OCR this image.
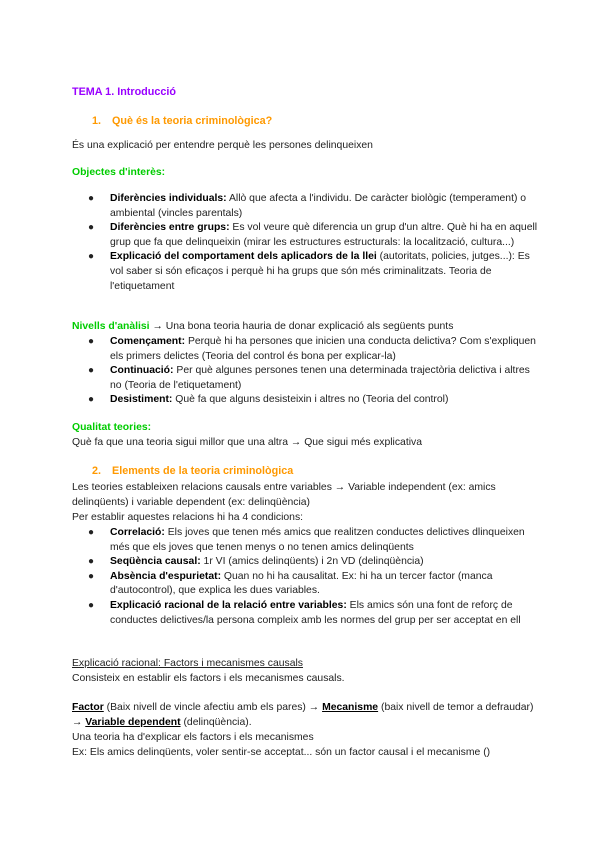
TEMA 1. Introducció
1. Què és la teoria criminològica?
És una explicació per entendre perquè les persones delinqueixen
Objectes d'interès:
● Diferències individuals: Allò que afecta a l'individu. De caràcter biològic (temperament) o ambiental (vincles parentals)
● Diferències entre grups: Es vol veure què diferencia un grup d'un altre. Què hi ha en aquell grup que fa que delinqueixin (mirar les estructures estructurals: la localització, cultura...)
● Explicació del comportament dels aplicadors de la llei (autoritats, policies, jutges...): Es vol saber si són eficaços i perquè hi ha grups que són més criminalitzats. Teoria de l'etiquetament
Nivells d'anàlisi → Una bona teoria hauria de donar explicació als següents punts
● Començament: Perquè hi ha persones que inicien una conducta delictiva? Com s'expliquen els primers delictes (Teoria del control és bona per explicar-la)
● Continuació: Per què algunes persones tenen una determinada trajectòria delictiva i altres no (Teoria de l'etiquetament)
● Desistiment: Què fa que alguns desisteixin i altres no (Teoria del control)
Qualitat teories:
Què fa que una teoria sigui millor que una altra → Que sigui més explicativa
2. Elements de la teoria criminològica
Les teories estableixen relacions causals entre variables → Variable independent (ex: amics delinqüents) i variable dependent (ex: delinqüència)
Per establir aquestes relacions hi ha 4 condicions:
● Correlació: Els joves que tenen més amics que realitzen conductes delictives dlinqueixen més que els joves que tenen menys o no tenen amics delinqüents
● Seqüència causal: 1r VI (amics delinqüents) i 2n VD (delinqüència)
● Absència d'espurietat: Quan no hi ha causalitat. Ex: hi ha un tercer factor (manca d'autocontrol), que explica les dues variables.
● Explicació racional de la relació entre variables: Els amics són una font de reforç de conductes delictives/la persona compleix amb les normes del grup per ser acceptat en ell
Explicació racional: Factors i mecanismes causals
Consisteix en establir els factors i els mecanismes causals.
Factor (Baix nivell de vincle afectiu amb els pares) → Mecanisme (baix nivell de temor a defraudar) → Variable dependent (delinqüència).
Una teoria ha d'explicar els factors i els mecanismes
Ex: Els amics delinqüents, voler sentir-se acceptat... són un factor causal i el mecanisme ()
